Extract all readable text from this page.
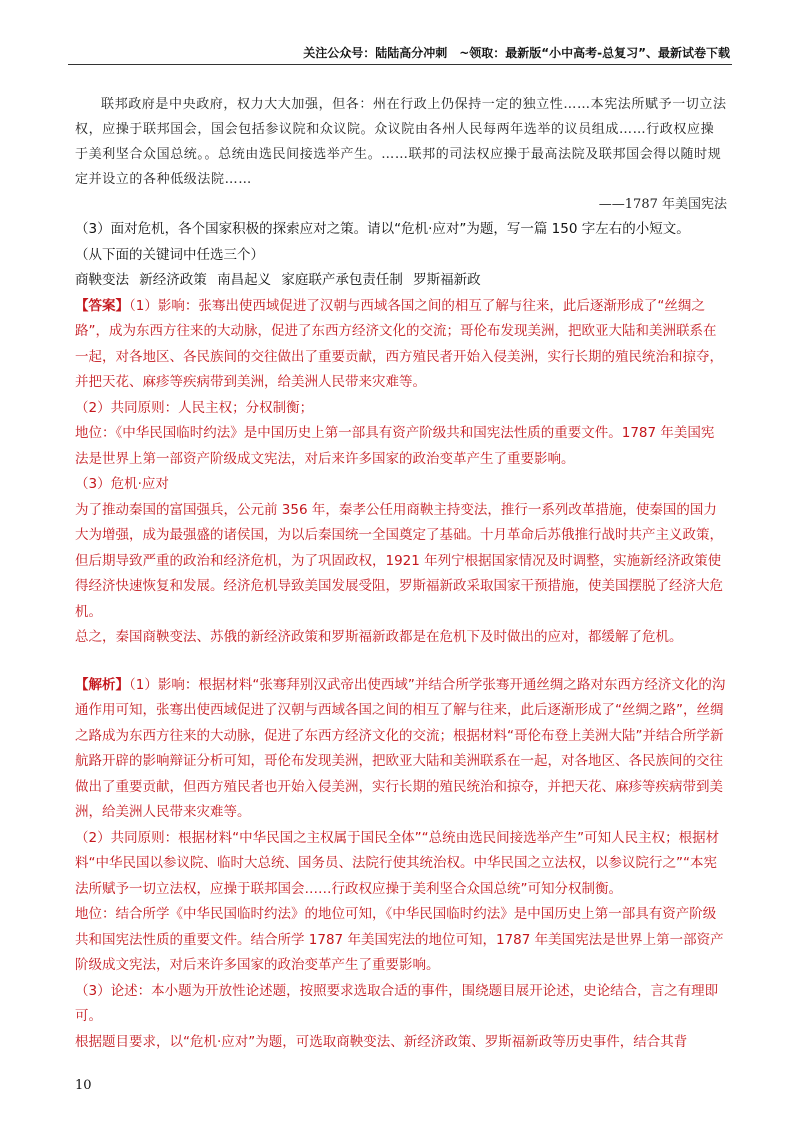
关注公众号：陆陆高分冲刺　~领取：最新版“小中高考-总复习”、最新试卷下载

联邦政府是中央政府，权力大大加强，但各：州在行政上仍保持一定的独立性……本宪法所赋予一切立法权，应操于联邦国会，国会包括参议院和众议院。众议院由各州人民每两年选举的议员组成……行政权应操于美利坚合众国总统。。总统由选民间接选举产生。……联邦的司法权应操于最高法院及联邦国会得以随时规定并设立的各种低级法院……

——1787 年美国宪法

（3）面对危机，各个国家积极的探索应对之策。请以“危机·应对”为题，写一篇 150 字左右的小短文。

（从下面的关键词中任选三个）

商鞅变法 新经济政策 南昌起义 家庭联产承包责任制 罗斯福新政

【答案】（1）影响：张骞出使西域促进了汉朝与西域各国之间的相互了解与往来，此后逐渐形成了“丝绸之路”，成为东西方往来的大动脉，促进了东西方经济文化的交流；哥伦布发现美洲，把欧亚大陆和美洲联系在一起，对各地区、各民族间的交往做出了重要贡献，西方殖民者开始入侵美洲，实行长期的殖民统治和掠夺，并把天花、麻疹等疾病带到美洲，给美洲人民带来灾难等。

（2）共同原则：人民主权；分权制衡；

地位：《中华民国临时约法》是中国历史上第一部具有资产阶级共和国宪法性质的重要文件。1787 年美国宪法是世界上第一部资产阶级成文宪法，对后来许多国家的政治变革产生了重要影响。

（3）危机·应对

为了推动秦国的富国强兵，公元前 356 年，秦孝公任用商鞅主持变法，推行一系列改革措施，使秦国的国力大为增强，成为最强盛的诸侯国，为以后秦国统一全国奠定了基础。十月革命后苏俄推行战时共产主义政策，但后期导致严重的政治和经济危机，为了巩固政权，1921 年列宁根据国家情况及时调整，实施新经济政策使得经济快速恢复和发展。经济危机导致美国发展受阻，罗斯福新政采取国家干预措施，使美国摆脱了经济大危机。

总之，秦国商鞅变法、苏俄的新经济政策和罗斯福新政都是在危机下及时做出的应对，都缓解了危机。

【解析】（1）影响：根据材料“张骞拜别汉武帝出使西域”并结合所学张骞开通丝绸之路对东西方经济文化的沟通作用可知，张骞出使西域促进了汉朝与西域各国之间的相互了解与往来，此后逐渐形成了“丝绸之路”，丝绸之路成为东西方往来的大动脉，促进了东西方经济文化的交流；根据材料“哥伦布登上美洲大陆”并结合所学新航路开辟的影响辩证分析可知，哥伦布发现美洲，把欧亚大陆和美洲联系在一起，对各地区、各民族间的交往做出了重要贡献，但西方殖民者也开始入侵美洲，实行长期的殖民统治和掠夺，并把天花、麻疹等疾病带到美洲，给美洲人民带来灾难等。

（2）共同原则：根据材料“中华民国之主权属于国民全体”“总统由选民间接选举产生”可知人民主权；根据材料“中华民国以参议院、临时大总统、国务员、法院行使其统治权。中华民国之立法权，以参议院行之”“本宪法所赋予一切立法权，应操于联邦国会……行政权应操于美利坚合众国总统”可知分权制衡。

地位：结合所学《中华民国临时约法》的地位可知，《中华民国临时约法》是中国历史上第一部具有资产阶级共和国宪法性质的重要文件。结合所学 1787 年美国宪法的地位可知，1787 年美国宪法是世界上第一部资产阶级成文宪法，对后来许多国家的政治变革产生了重要影响。

（3）论述：本小题为开放性论述题，按照要求选取合适的事件，围绕题目展开论述，史论结合，言之有理即可。

根据题目要求，以“危机·应对”为题，可选取商鞅变法、新经济政策、罗斯福新政等历史事件，结合其背

10
